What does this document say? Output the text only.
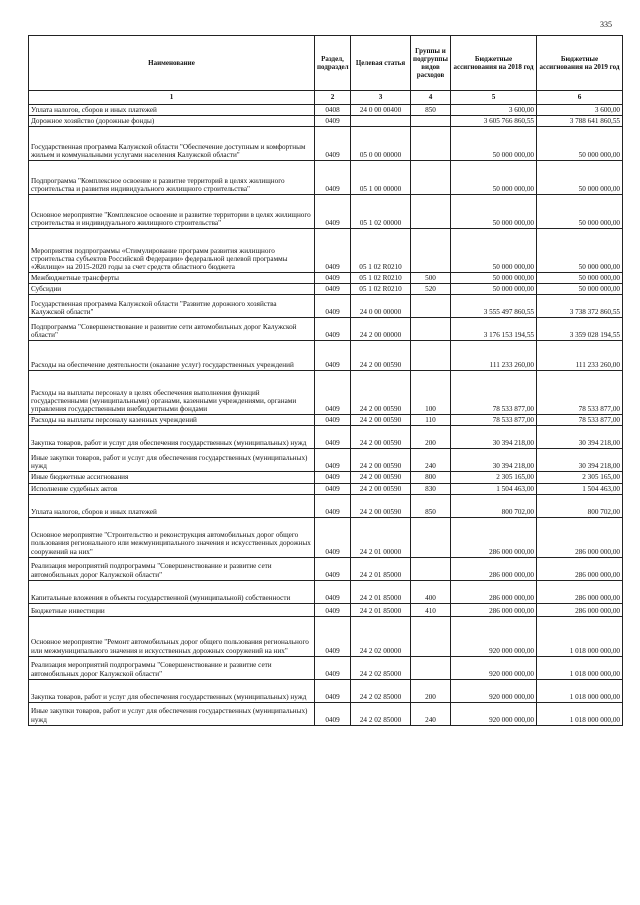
335
Наименование	Раздел, подраздел	Целевая статья	Группы и подгруппы видов расходов	Бюджетные ассигнования на 2018 год	Бюджетные ассигнования на 2019 год
1	2	3	4	5	6
Уплата налогов, сборов и иных платежей	0408	24 0 00 00400	850	3 600,00	3 600,00
Дорожное хозяйство (дорожные фонды)	0409			3 605 766 860,55	3 788 641 860,55
Государственная программа Калужской области "Обеспечение доступным и комфортным жильем и коммунальными услугами населения Калужской области"	0409	05 0 00 00000		50 000 000,00	50 000 000,00
Подпрограмма "Комплексное освоение и развитие территорий в целях жилищного строительства и развития индивидуального жилищного строительства"	0409	05 1 00 00000		50 000 000,00	50 000 000,00
Основное мероприятие "Комплексное освоение и развитие территории в целях жилищного строительства и индивидуального жилищного строительства"	0409	05 1 02 00000		50 000 000,00	50 000 000,00
Мероприятия подпрограммы «Стимулирование программ развития жилищного строительства субъектов Российской Федерации» федеральной целевой программы «Жилище» на 2015-2020 годы за счет средств областного бюджета	0409	05 1 02 R0210		50 000 000,00	50 000 000,00
Межбюджетные трансферты	0409	05 1 02 R0210	500	50 000 000,00	50 000 000,00
Субсидии	0409	05 1 02 R0210	520	50 000 000,00	50 000 000,00
Государственная программа Калужской области "Развитие дорожного хозяйства Калужской области"	0409	24 0 00 00000		3 555 497 860,55	3 738 372 860,55
Подпрограмма "Совершенствование и развитие сети автомобильных дорог Калужской области"	0409	24 2 00 00000		3 176 153 194,55	3 359 028 194,55
Расходы на обеспечение деятельности (оказание услуг) государственных учреждений	0409	24 2 00 00590		111 233 260,00	111 233 260,00
Расходы на выплаты персоналу в целях обеспечения выполнения функций государственными (муниципальными) органами, казенными учреждениями, органами управления государственными внебюджетными фондами	0409	24 2 00 00590	100	78 533 877,00	78 533 877,00
Расходы на выплаты персоналу казенных учреждений	0409	24 2 00 00590	110	78 533 877,00	78 533 877,00
Закупка товаров, работ и услуг для обеспечения государственных (муниципальных) нужд	0409	24 2 00 00590	200	30 394 218,00	30 394 218,00
Иные закупки товаров, работ и услуг для обеспечения государственных (муниципальных) нужд	0409	24 2 00 00590	240	30 394 218,00	30 394 218,00
Иные бюджетные ассигнования	0409	24 2 00 00590	800	2 305 165,00	2 305 165,00
Исполнение судебных актов	0409	24 2 00 00590	830	1 504 463,00	1 504 463,00
Уплата налогов, сборов и иных платежей	0409	24 2 00 00590	850	800 702,00	800 702,00
Основное мероприятие "Строительство и реконструкция автомобильных дорог общего пользования регионального или межмуниципального значения и искусственных дорожных сооружений на них"	0409	24 2 01 00000		286 000 000,00	286 000 000,00
Реализация мероприятий подпрограммы "Совершенствование и развитие сети автомобильных дорог Калужской области"	0409	24 2 01 85000		286 000 000,00	286 000 000,00
Капитальные вложения в объекты государственной (муниципальной) собственности	0409	24 2 01 85000	400	286 000 000,00	286 000 000,00
Бюджетные инвестиции	0409	24 2 01 85000	410	286 000 000,00	286 000 000,00
Основное мероприятие "Ремонт автомобильных дорог общего пользования регионального или межмуниципального значения и искусственных дорожных сооружений на них"	0409	24 2 02 00000		920 000 000,00	1 018 000 000,00
Реализация мероприятий подпрограммы "Совершенствование и развитие сети автомобильных дорог Калужской области"	0409	24 2 02 85000		920 000 000,00	1 018 000 000,00
Закупка товаров, работ и услуг для обеспечения государственных (муниципальных) нужд	0409	24 2 02 85000	200	920 000 000,00	1 018 000 000,00
Иные закупки товаров, работ и услуг для обеспечения государственных (муниципальных) нужд	0409	24 2 02 85000	240	920 000 000,00	1 018 000 000,00
